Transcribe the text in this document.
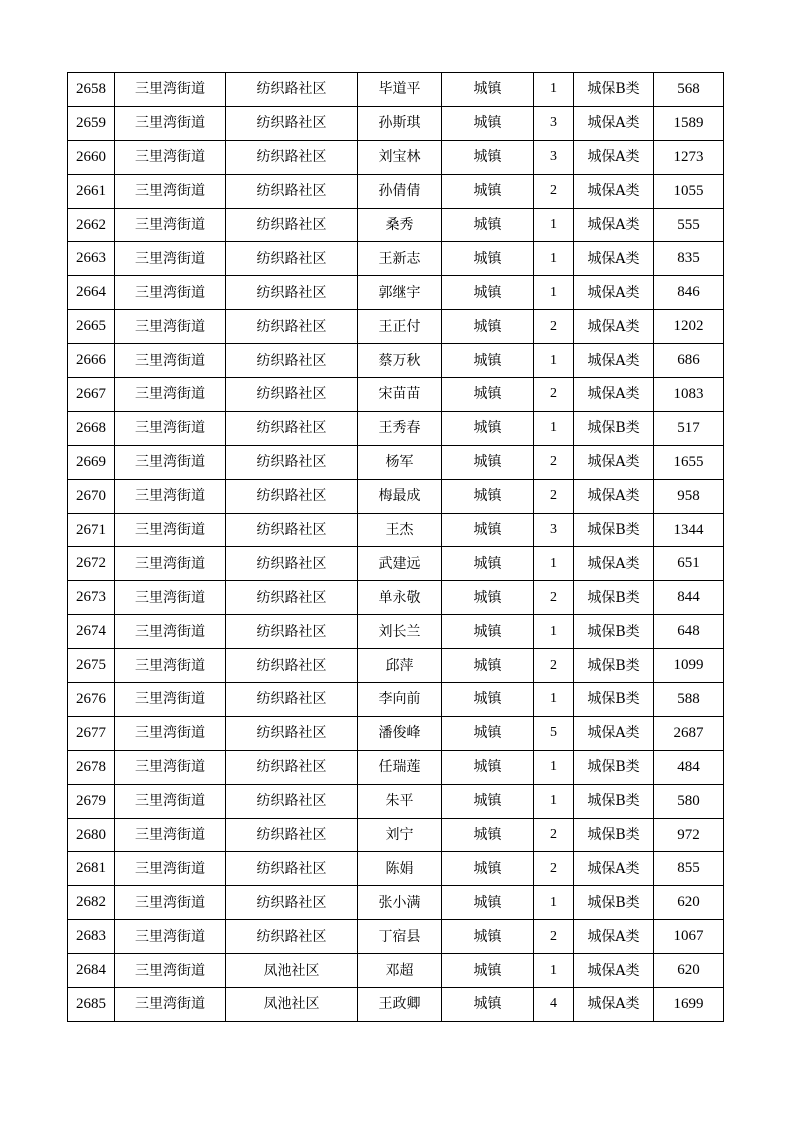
2658	三里湾街道	纺织路社区	毕道平	城镇	1	城保B类	568
2659	三里湾街道	纺织路社区	孙斯琪	城镇	3	城保A类	1589
2660	三里湾街道	纺织路社区	刘宝林	城镇	3	城保A类	1273
2661	三里湾街道	纺织路社区	孙倩倩	城镇	2	城保A类	1055
2662	三里湾街道	纺织路社区	桑秀	城镇	1	城保A类	555
2663	三里湾街道	纺织路社区	王新志	城镇	1	城保A类	835
2664	三里湾街道	纺织路社区	郭继宇	城镇	1	城保A类	846
2665	三里湾街道	纺织路社区	王正付	城镇	2	城保A类	1202
2666	三里湾街道	纺织路社区	蔡万秋	城镇	1	城保A类	686
2667	三里湾街道	纺织路社区	宋苗苗	城镇	2	城保A类	1083
2668	三里湾街道	纺织路社区	王秀春	城镇	1	城保B类	517
2669	三里湾街道	纺织路社区	杨军	城镇	2	城保A类	1655
2670	三里湾街道	纺织路社区	梅最成	城镇	2	城保A类	958
2671	三里湾街道	纺织路社区	王杰	城镇	3	城保B类	1344
2672	三里湾街道	纺织路社区	武建远	城镇	1	城保A类	651
2673	三里湾街道	纺织路社区	单永敬	城镇	2	城保B类	844
2674	三里湾街道	纺织路社区	刘长兰	城镇	1	城保B类	648
2675	三里湾街道	纺织路社区	邱萍	城镇	2	城保B类	1099
2676	三里湾街道	纺织路社区	李向前	城镇	1	城保B类	588
2677	三里湾街道	纺织路社区	潘俊峰	城镇	5	城保A类	2687
2678	三里湾街道	纺织路社区	任瑞莲	城镇	1	城保B类	484
2679	三里湾街道	纺织路社区	朱平	城镇	1	城保B类	580
2680	三里湾街道	纺织路社区	刘宁	城镇	2	城保B类	972
2681	三里湾街道	纺织路社区	陈娟	城镇	2	城保A类	855
2682	三里湾街道	纺织路社区	张小满	城镇	1	城保B类	620
2683	三里湾街道	纺织路社区	丁宿县	城镇	2	城保A类	1067
2684	三里湾街道	凤池社区	邓超	城镇	1	城保A类	620
2685	三里湾街道	凤池社区	王政卿	城镇	4	城保A类	1699
